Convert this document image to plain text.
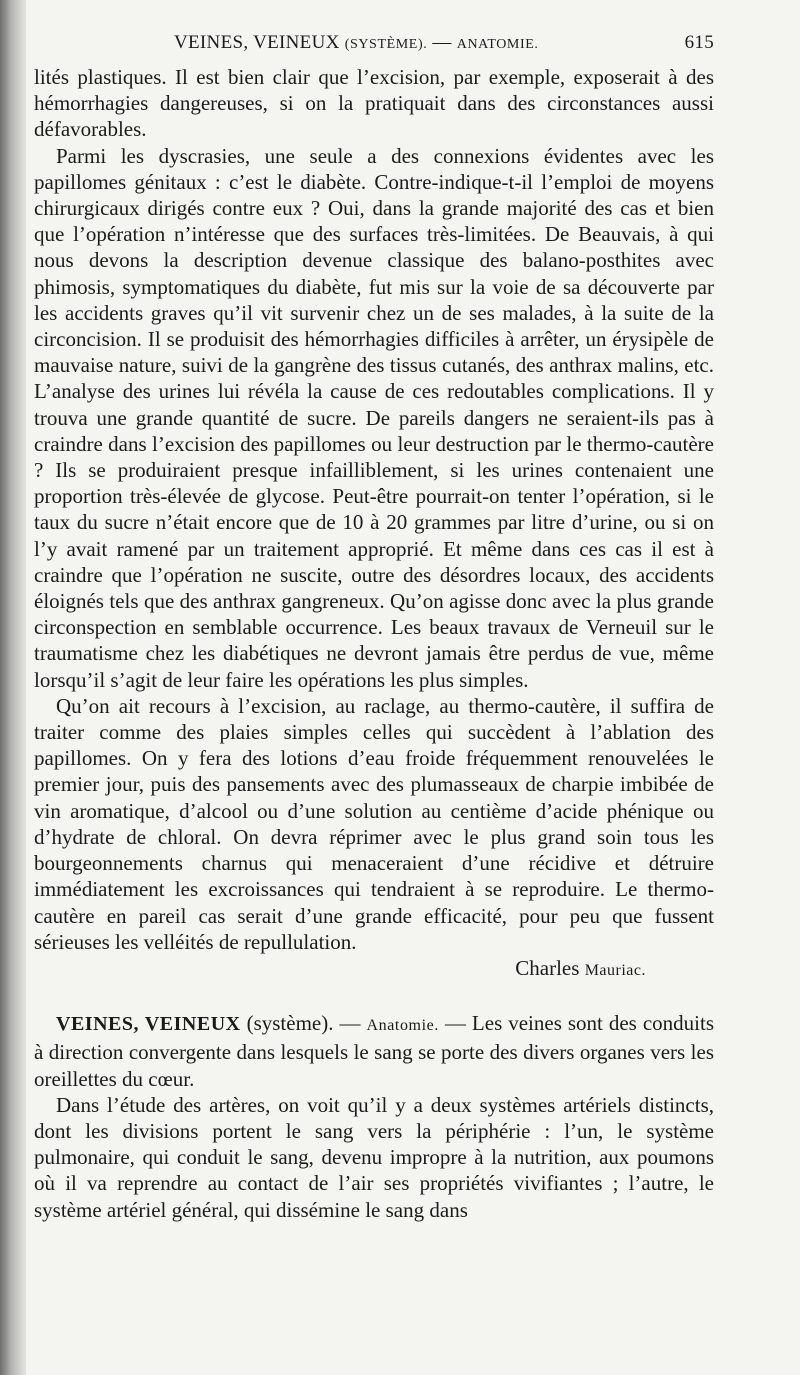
VEINES, VEINEUX (SYSTÈME). — ANATOMIE.	615

lités plastiques. Il est bien clair que l’excision, par exemple, exposerait à des hémorrhagies dangereuses, si on la pratiquait dans des circonstances aussi défavorables.

Parmi les dyscrasies, une seule a des connexions évidentes avec les papillomes génitaux : c’est le diabète. Contre-indique-t-il l’emploi de moyens chirurgicaux dirigés contre eux ? Oui, dans la grande majorité des cas et bien que l’opération n’intéresse que des surfaces très-limitées. De Beauvais, à qui nous devons la description devenue classique des balano-posthites avec phimosis, symptomatiques du diabète, fut mis sur la voie de sa découverte par les accidents graves qu’il vit survenir chez un de ses malades, à la suite de la circoncision. Il se produisit des hémorrhagies difficiles à arrêter, un érysipèle de mauvaise nature, suivi de la gangrène des tissus cutanés, des anthrax malins, etc. L’analyse des urines lui révéla la cause de ces redoutables complications. Il y trouva une grande quantité de sucre. De pareils dangers ne seraient-ils pas à craindre dans l’excision des papillomes ou leur destruction par le thermo-cautère ? Ils se produiraient presque infailliblement, si les urines contenaient une proportion très-élevée de glycose. Peut-être pourrait-on tenter l’opération, si le taux du sucre n’était encore que de 10 à 20 grammes par litre d’urine, ou si on l’y avait ramené par un traitement approprié. Et même dans ces cas il est à craindre que l’opération ne suscite, outre des désordres locaux, des accidents éloignés tels que des anthrax gangreneux. Qu’on agisse donc avec la plus grande circonspection en semblable occurrence. Les beaux travaux de Verneuil sur le traumatisme chez les diabétiques ne devront jamais être perdus de vue, même lorsqu’il s’agit de leur faire les opérations les plus simples.

Qu’on ait recours à l’excision, au raclage, au thermo-cautère, il suffira de traiter comme des plaies simples celles qui succèdent à l’ablation des papillomes. On y fera des lotions d’eau froide fréquemment renouvelées le premier jour, puis des pansements avec des plumasseaux de charpie imbibée de vin aromatique, d’alcool ou d’une solution au centième d’acide phénique ou d’hydrate de chloral. On devra réprimer avec le plus grand soin tous les bourgeonnements charnus qui menaceraient d’une récidive et détruire immédiatement les excroissances qui tendraient à se reproduire. Le thermo-cautère en pareil cas serait d’une grande efficacité, pour peu que fussent sérieuses les velléités de repullulation.

Charles Mauriac.

VEINES, VEINEUX (système). — Anatomie. — Les veines sont des conduits à direction convergente dans lesquels le sang se porte des divers organes vers les oreillettes du cœur.

Dans l’étude des artères, on voit qu’il y a deux systèmes artériels distincts, dont les divisions portent le sang vers la périphérie : l’un, le système pulmonaire, qui conduit le sang, devenu impropre à la nutrition, aux poumons où il va reprendre au contact de l’air ses propriétés vivifiantes ; l’autre, le système artériel général, qui dissémine le sang dans
